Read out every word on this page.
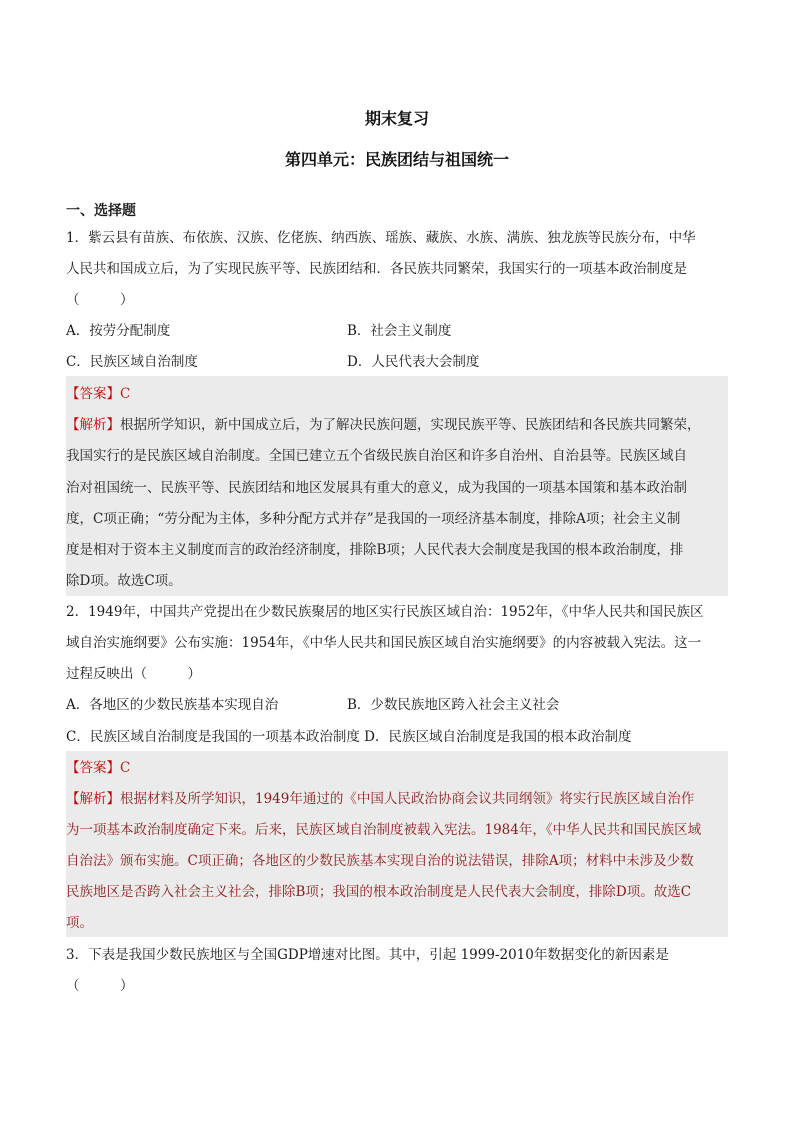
期末复习
第四单元：民族团结与祖国统一
一、选择题
1．紫云县有苗族、布依族、汉族、仡佬族、纳西族、瑶族、藏族、水族、满族、独龙族等民族分布，中华
人民共和国成立后，为了实现民族平等、民族团结和．各民族共同繁荣，我国实行的一项基本政治制度是
（　　　）
A．按劳分配制度	B．社会主义制度
C．民族区域自治制度	D．人民代表大会制度
【答案】C
【解析】根据所学知识，新中国成立后，为了解决民族问题，实现民族平等、民族团结和各民族共同繁荣，
我国实行的是民族区域自治制度。全国已建立五个省级民族自治区和许多自治州、自治县等。民族区域自
治对祖国统一、民族平等、民族团结和地区发展具有重大的意义，成为我国的一项基本国策和基本政治制
度，C项正确；“劳分配为主体，多种分配方式并存”是我国的一项经济基本制度，排除A项；社会主义制
度是相对于资本主义制度而言的政治经济制度，排除B项；人民代表大会制度是我国的根本政治制度，排
除D项。故选C项。
2．1949年，中国共产党提出在少数民族聚居的地区实行民族区域自治：1952年，《中华人民共和国民族区
域自治实施纲要》公布实施：1954年，《中华人民共和国民族区域自治实施纲要》的内容被载入宪法。这一
过程反映出（　　　）
A．各地区的少数民族基本实现自治	B．少数民族地区跨入社会主义社会
C．民族区域自治制度是我国的一项基本政治制度 D．民族区域自治制度是我国的根本政治制度
【答案】C
【解析】根据材料及所学知识，1949年通过的《中国人民政治协商会议共同纲领》将实行民族区域自治作
为一项基本政治制度确定下来。后来，民族区域自治制度被载入宪法。1984年，《中华人民共和国民族区域
自治法》颁布实施。C项正确；各地区的少数民族基本实现自治的说法错误，排除A项；材料中未涉及少数
民族地区是否跨入社会主义社会，排除B项；我国的根本政治制度是人民代表大会制度，排除D项。故选C
项。
3．下表是我国少数民族地区与全国GDP增速对比图。其中，引起 1999-2010年数据变化的新因素是
（　　　）
